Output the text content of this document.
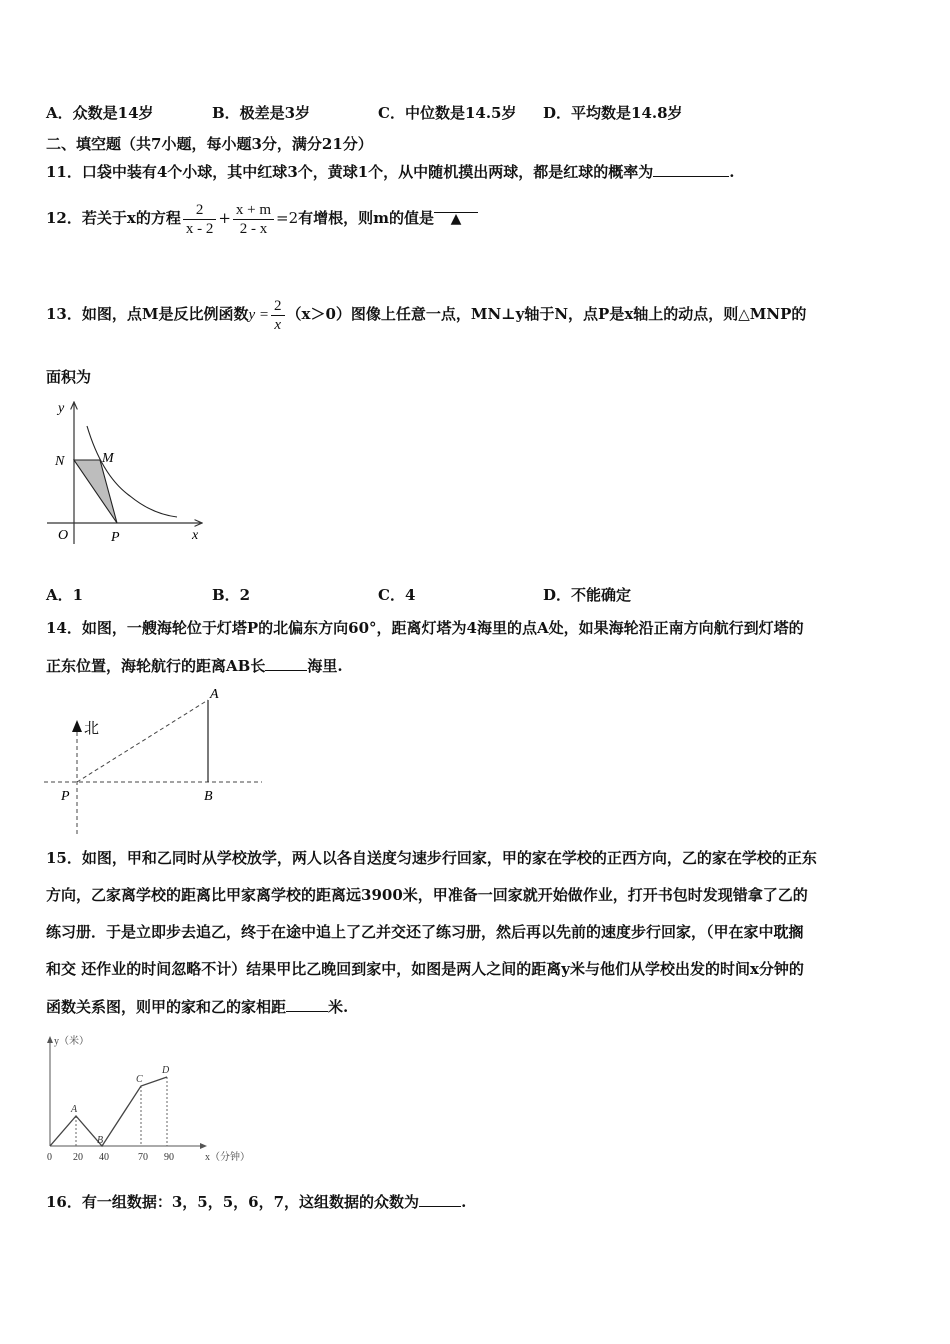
A．众数是14岁	B．极差是3岁	C．中位数是14.5岁 D．平均数是14.8岁
二、填空题（共7小题，每小题3分，满分21分）
11．口袋中装有4个小球，其中红球3个，黄球1个，从中随机摸出两球，都是红球的概率为	.
12．若关于x的方程 $\frac{2}{x - 2} + \frac{x + m}{2 - x} =2$有增根，则m的值是 ▲
13．如图，点M是反比例函数$y = \frac{2}{x} (x>0)$图像上任意一点，MN⊥y轴于N，点P是x轴上的动点，则△MNP的
面积为
y
x
N	M
O	P
A．1	B．2	C．4	D．不能确定
14．如图，一艘海轮位于灯塔P的北偏东方向60°，距离灯塔为4海里的点A处，如果海轮沿正南方向航行到灯塔的
正东位置，海轮航行的距离AB长	海里.
北
A
B
P
15．如图，甲和乙同时从学校放学，两人以各自送度匀速步行回家，甲的家在学校的正西方向，乙的家在学校的正东
方向，乙家离学校的距离比甲家离学校的距离远3900米，甲准备一回家就开始做作业，打开书包时发现错拿了乙的
练习册．于是立即步去追乙，终于在途中追上了乙并交还了练习册，然后再以先前的速度步行回家，（甲在家中耽搁
和交 还作业的时间忽略不计）结果甲比乙晚回到家中，如图是两人之间的距离y米与他们从学校出发的时间x分钟的
函数关系图，则甲的家和乙的家相距	米.
y（米）
x（分钟）
0 20 40	70 90
A
B
C
D
16．有一组数据：3，5，5，6，7，这组数据的众数为	.
